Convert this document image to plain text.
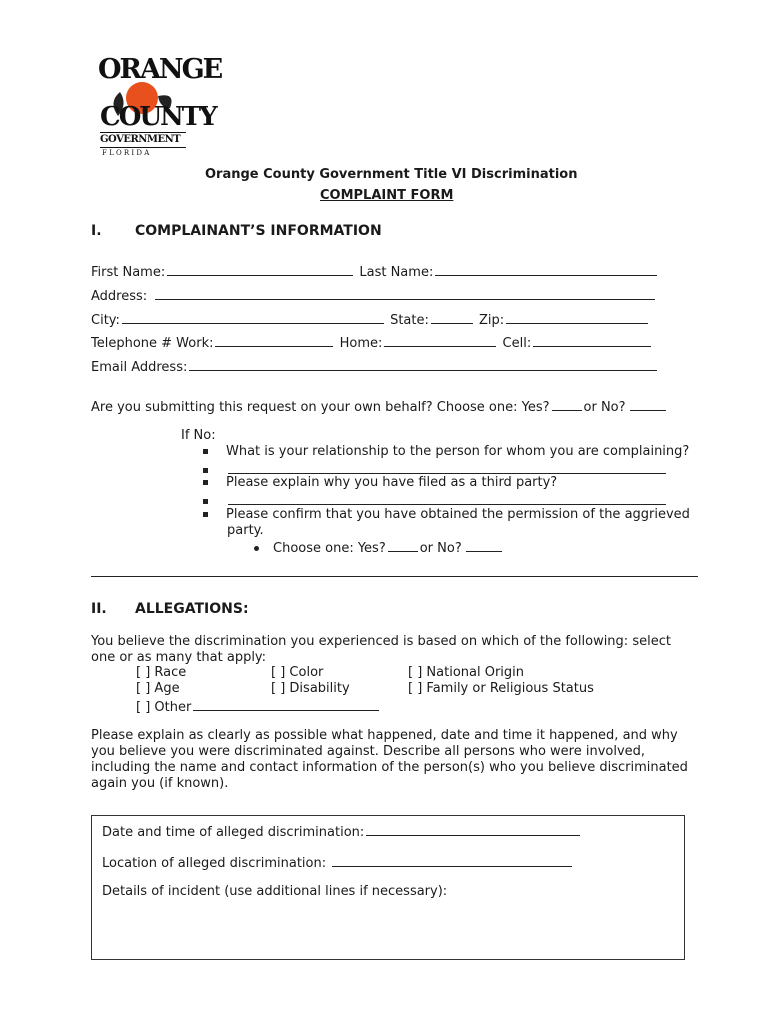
ORANGE
COUNTY
GOVERNMENT
F L O R I D A
Orange County Government Title VI Discrimination
COMPLAINT FORM
I. COMPLAINANT’S INFORMATION
First Name:	Last Name:
Address:
City:	State:	Zip:
Telephone # Work:	Home:	Cell:
Email Address:
Are you submitting this request on your own behalf? Choose one: Yes?	or No?
If No:
What is your relationship to the person for whom you are complaining?
Please explain why you have filed as a third party?
Please confirm that you have obtained the permission of the aggrieved
party.
Choose one: Yes?	or No?
II. ALLEGATIONS:
You believe the discrimination you experienced is based on which of the following: select
one or as many that apply:
[ ] Race	[ ] Color	[ ] National Origin
[ ] Age	[ ] Disability	[ ] Family or Religious Status
[ ] Other
Please explain as clearly as possible what happened, date and time it happened, and why
you believe you were discriminated against. Describe all persons who were involved,
including the name and contact information of the person(s) who you believe discriminated
again you (if known).
Date and time of alleged discrimination:
Location of alleged discrimination:
Details of incident (use additional lines if necessary):
